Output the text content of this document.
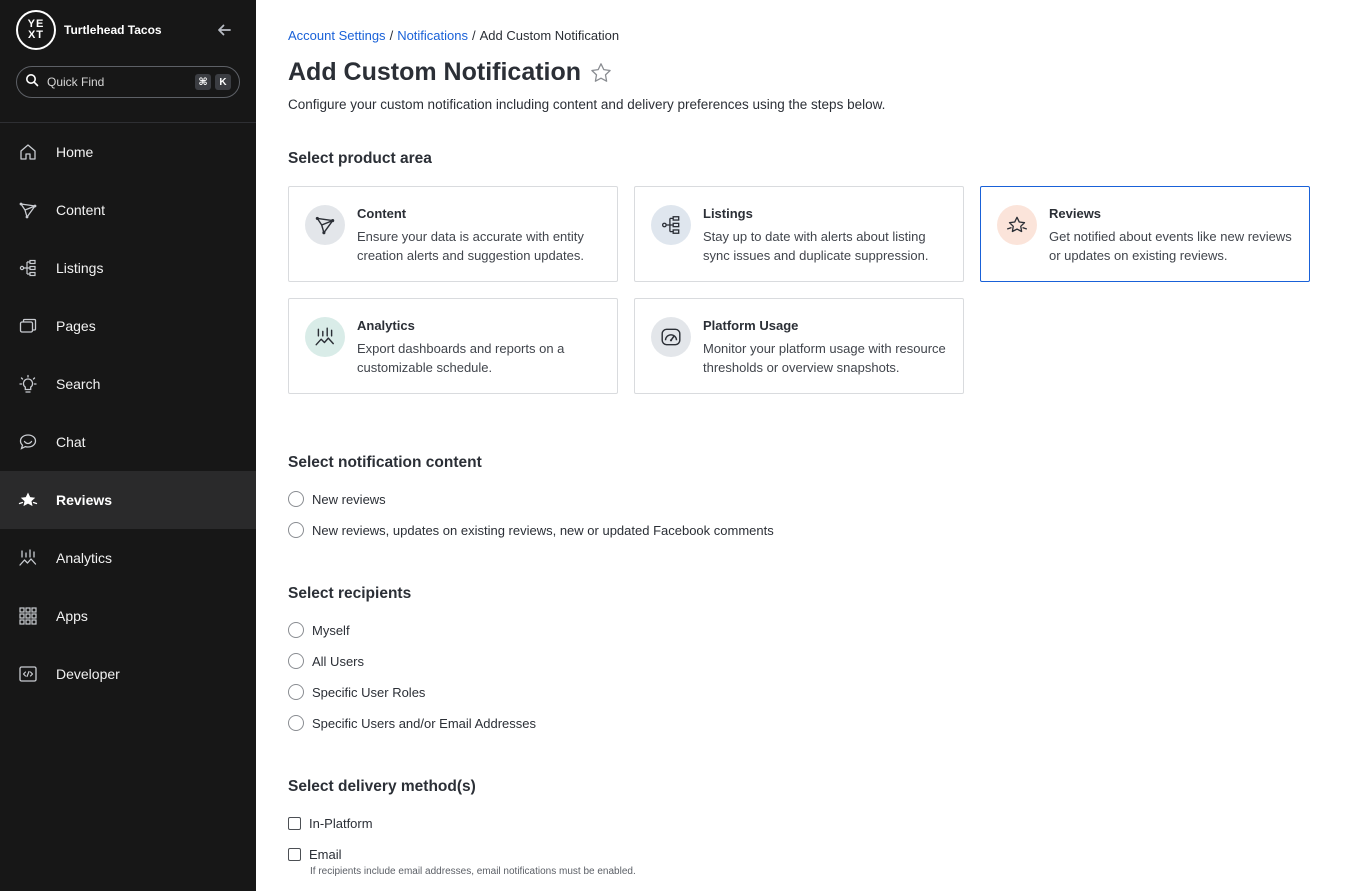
YE
XT Turtlehead Tacos
Quick Find	⌘	K
Home
Content
Listings
Pages
Search
Chat
Reviews
Analytics
Apps
Developer
Account Settings / Notifications / Add Custom Notification
Add Custom Notification

Configure your custom notification including content and delivery preferences using the steps below.

Select product area
Content
Ensure your data is accurate with entity creation alerts and suggestion updates.
Listings
Stay up to date with alerts about listing sync issues and duplicate suppression.
Reviews
Get notified about events like new reviews or updates on existing reviews.
Analytics
Export dashboards and reports on a customizable schedule.
Platform Usage
Monitor your platform usage with resource thresholds or overview snapshots.
Select notification content
New reviews
New reviews, updates on existing reviews, new or updated Facebook comments
Select recipients
Myself
All Users
Specific User Roles
Specific Users and/or Email Addresses
Select delivery method(s)
In-Platform
Email
If recipients include email addresses, email notifications must be enabled.
